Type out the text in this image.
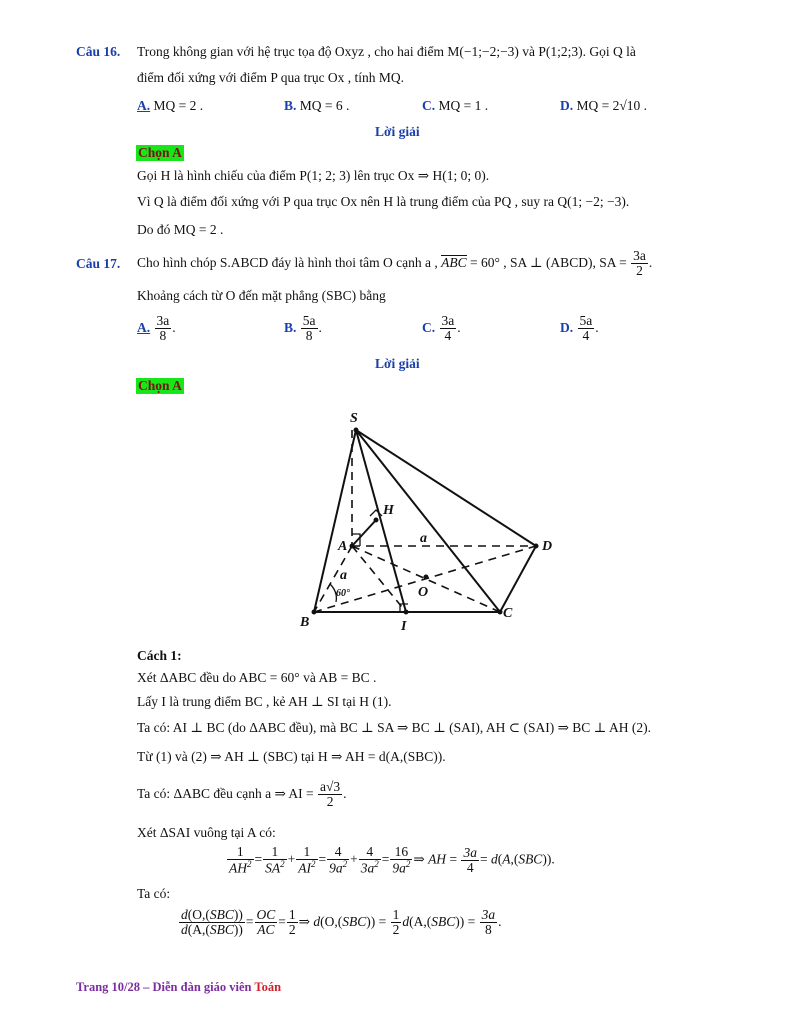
Câu 16. Trong không gian với hệ trục tọa độ Oxyz , cho hai điểm M(−1;−2;−3) và P(1;2;3). Gọi Q là
điểm đối xứng với điểm P qua trục Ox , tính MQ.
A. MQ = 2 .	B. MQ = 6 .	C. MQ = 1 .	D. MQ = 2√10 .
Lời giải
Chọn A
Gọi H là hình chiếu của điểm P(1; 2; 3) lên trục Ox ⇒ H(1; 0; 0).
Vì Q là điểm đối xứng với P qua trục Ox nên H là trung điểm của PQ , suy ra Q(1; −2; −3).
Do đó MQ = 2 .
Câu 17. Cho hình chóp S.ABCD đáy là hình thoi tâm O cạnh a , ABC = 60° , SA ⊥ (ABCD), SA = $\frac{3a}{2}$ .
Khoảng cách từ O đến mặt phẳng (SBC) bằng
A. $\frac{3a}{8}$ .	B. $\frac{5a}{8}$ .	C. $\frac{3a}{4}$ .	D. $\frac{5a}{4}$ .
Lời giải
Chọn A
S
H
A	D
O
B	I
C
a
a
60°
Cách 1:
Xét ΔABC đều do ABC = 60° và AB = BC .
Lấy I là trung điểm BC , kẻ AH ⊥ SI tại H (1).
Ta có: AI ⊥ BC (do ΔABC đều), mà BC ⊥ SA ⇒ BC ⊥ (SAI), AH ⊂ (SAI) ⇒ BC ⊥ AH (2).
Từ (1) và (2) ⇒ AH ⊥ (SBC) tại H ⇒ AH = d(A,(SBC)).
Ta có: ΔABC đều cạnh a ⇒ AI = $\frac{a√3}{2}$ .
Xét ΔSAI vuông tại A có:
$\frac{1}{AH^2} = \frac{1}{SA^2} + \frac{1}{AI^2} = \frac{4}{9a^2} + \frac{4}{3a^2} = \frac{16}{9a^2}$ ⇒ AH = $\frac{3a}{4} = d(A,(SBC))$.
Ta có:
$\frac{\text{d(O,(SBC))}}{\text{d(A,(SBC))}} = \frac{OC}{AC} = \frac{1}{2}$ ⇒ $d(O,(SBC)) = \frac{1}{2} d(A,(SBC)) = \frac{3a}{8}$ .
Trang 10/28 – Diễn đàn giáo viên Toán
